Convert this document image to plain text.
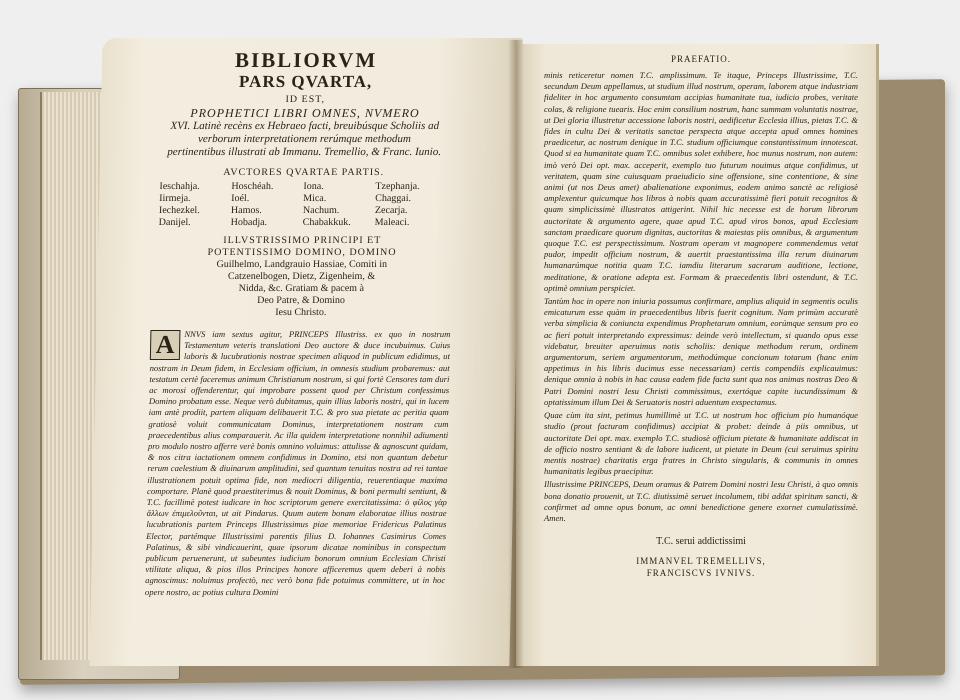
BIBLIORVM
PARS QVARTA,
ID EST,
PROPHETICI LIBRI OMNES, NVMERO
XVI. Latinè recèns ex Hebraeo facti, breuibúsque Scholiis ad
verborum interpretationem rerúmque methodum
pertinentibus illustrati ab Immanu. Tremellio, & Franc. Iunio.
AVCTORES QVARTAE PARTIS.
Ieschahja.	Hoschéah.	Iona.	Tzephanja.
Iirmeja.	Ioél.	Mica.	Chaggai.
Iechezkel.	Hamos.	Nachum.	Zecarja.
Danijel.	Hobadja.	Chabakkuk.	Maleaci.
ILLVSTRISSIMO PRINCIPI ET
POTENTISSIMO DOMINO, DOMINO
Guilhelmo, Landgrauio Hassiae, Comiti in
Catzenelbogen, Dietz, Zigenheim, &
Nidda, &c. Gratiam & pacem à
Deo Patre, & Domino
Iesu Christo.
A	NNVS iam sextus agitur, PRINCEPS Illustriss. ex quo in nostrum Testamentum veteris translationi Deo auctore & duce incubuimus. Cuius laboris & lucubrationis nostrae specimen aliquod in publicum edidimus, ut nostram in Deum fidem, in Ecclesiam officium, in omnesis studium probaremus: aut testatum certè faceremus animum Christianum nostrum, si qui fortè Censores tam duri ac morosi offenderentur, qui improbare possent quod per Christum confessimus Domino probatum esse. Neque verò dubitamus, quin illius laboris nostri, qui in lucem iam antè prodiit, partem aliquam delibauerit T.C. & pro sua pietate ac peritia quam gratiosè voluit communicatam Dominus, interpretationem nostram cum praecedentibus alius comparauerit. Ac illa quidem interpretatione nonnihil adiumenti pro modulo nostro afferre verè bonis omnino voluimus: attulisse & agnoscunt quidam, & nos citra iactationem omnem confidimus in Domino, etsi non quantum debetur rerum caelestium & diuinarum amplitudini, sed quantum tenuitas nostra ad rei tantae illustrationem potuit optima fide, non mediocri diligentia, reuerentiaque maxima comportare. Planè quod praestiterimus & nouit Dominus, & boni permulti sentiunt, & T.C. facillimè potest iudicare in hoc scriptorum genere exercitatissima: ὁ φίλος γὰρ ἄλλων ἐπιμελοῦνται, ut ait Pindarus. Quum autem bonam elaboratae illius nostrae lucubrationis partem Princeps Illustrissimus piae memoriae Fridericus Palatinus Elector, partémque Illustrissimi parentis filius D. Iohannes Casimirus Comes Palatinus, & sibi vindicauerint, quae ipsorum dicatae nominibus in conspectum publicum peruenerunt, ut subeuntes iudicium bonorum omnium Ecclesiam Christi vtilitate aliqua, & pios illos Principes honore afficeremus quem deberi à nobis agnoscimus: noluimus profectò, nec verò bona fide potuimus committere, ut in hoc opere nostro, ac potius cultura Domini
PRAEFATIO.

minis reticeretur nomen T.C. amplissimum. Te itaque, Princeps Illustrissime, T.C. secundum Deum appellamus, ut studium illud nostrum, operam, laborem atque industriam fideliter in hoc argumento consumtam accipias humanitate tua, iudicio probes, veritate colas, & religione tuearis. Hoc enim consilium nostrum, hanc summam voluntatis nostrae, ut Dei gloria illustretur accessione laboris nostri, aedificetur Ecclesia illius, pietas T.C. & fides in cultu Dei & veritatis sanctae perspecta atque accepta apud omnes homines praedicetur, ac nostrum denique in T.C. studium officiumque constantissimum innotescat. Quod si ea humanitate quam T.C. omnibus solet exhibere, hoc munus nostrum, non autem: imò verò Dei opt. max. acceperit, exemplo tuo futurum nouimus atque confidimus, ut veritatem, quam sine cuiusquam praeiudicio sine offensione, sine contentione, & sine animi (ut nos Deus amet) abalienatione exponimus, eodem animo sanctè ac religiosè amplexentur quicumque hos libros à nobis quam accuratissimè fieri potuit recognitos & quam simplicissimè illustratos attigerint. Nihil hic necesse est de horum librorum auctoritate & argumento agere, quae apud T.C. apud viros bonos, apud Ecclesiam sanctam praedicare quorum dignitas, auctoritas & maiestas piis omnibus, & argumentum quoque T.C. est perspectissimum. Nostram operam vt magnopere commendemus vetat pudor, impedit officium nostrum, & auertit praestantissima illa rerum diuinarum humanarúmque notitia quam T.C. iamdiu literarum sacrarum auditione, lectione, meditatione, & oratione adepta est. Formam & praecedentis libri ostendunt, & T.C. optimè omnium perspiciet.

Tantùm hoc in opere non iniuria possumus confirmare, amplius aliquid in segmentis oculis emicaturum esse quàm in praecedentibus libris fuerit cognitum. Nam primùm accuratè verba simplicia & coniuncta expendimus Prophetarum omnium, eorúmque sensum pro eo ac fieri potuit interpretando expressimus: deinde verò intellectum, si quando opus esse videbatur, breuiter aperuimus notis scholiis: denique methodum rerum, ordinem argumentorum, seriem argumentorum, methodúmque concionum totarum (hanc enim appetimus in his libris ducimus esse necessariam) certis compendiis explicauimus: denique omnia à nobis in hac causa eadem fide facta sunt qua nos animas nostras Deo & Patri Domini nostri Iesu Christi commissimus, exertóque capite iucundissimum & optatissimum illum Dei & Seruatoris nostri aduentum exspectamus.

Quae cùm ita sint, petimus humillimè ut T.C. ut nostrum hoc officium pio humanóque studio (prout facturam confidimus) accipiat & probet: deinde à piis omnibus, ut auctoritate Dei opt. max. exemplo T.C. studiosè officium pietate & humanitate addiscat in de officio nostro sentiant & de labore iudicent, ut pietate in Deum (cui seruimus spiritu mentis nostrae) charitatis erga fratres in Christo singularis, & communis in omnes humanitatis legibus praecipitur.

Illustrissime PRINCEPS, Deum oramus & Patrem Domini nostri Iesu Christi, à quo omnis bona donatio prouenit, ut T.C. diutissimè seruet incolumem, tibi addat spiritum sancti, & confirmet ad omne opus bonum, ac omni benedictione genere exornet cumulatissimè. Amen.

T.C. serui addictissimi
IMMANVEL TREMELLIVS,
FRANCISCVS IVNIVS.
